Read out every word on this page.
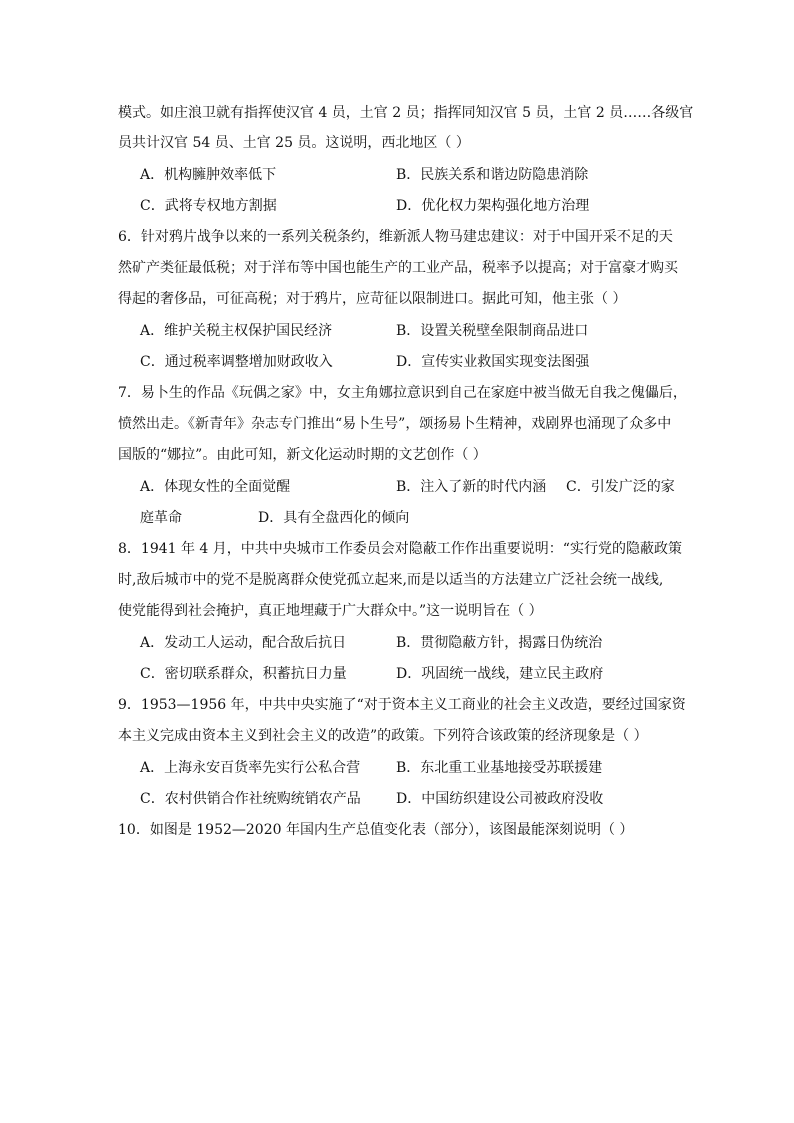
模式。如庄浪卫就有指挥使汉官 4 员，土官 2 员；指挥同知汉官 5 员，土官 2 员……各级官
员共计汉官 54 员、土官 25 员。这说明，西北地区（ ）
A．机构臃肿效率低下	B．民族关系和谐边防隐患消除
C．武将专权地方割据	D．优化权力架构强化地方治理
6．针对鸦片战争以来的一系列关税条约，维新派人物马建忠建议：对于中国开采不足的天
然矿产类征最低税；对于洋布等中国也能生产的工业产品，税率予以提高；对于富豪才购买
得起的奢侈品，可征高税；对于鸦片，应苛征以限制进口。据此可知，他主张（ ）
A．维护关税主权保护国民经济	B．设置关税壁垒限制商品进口
C．通过税率调整增加财政收入	D．宣传实业救国实现变法图强
7．易卜生的作品《玩偶之家》中，女主角娜拉意识到自己在家庭中被当做无自我之傀儡后，
愤然出走。《新青年》杂志专门推出“易卜生号”，颂扬易卜生精神，戏剧界也涌现了众多中
国版的“娜拉”。由此可知，新文化运动时期的文艺创作（ ）
A．体现女性的全面觉醒	B．注入了新的时代内涵 C．引发广泛的家
庭革命	D．具有全盘西化的倾向
8．1941 年 4 月，中共中央城市工作委员会对隐蔽工作作出重要说明：“实行党的隐蔽政策
时,敌后城市中的党不是脱离群众使党孤立起来,而是以适当的方法建立广泛社会统一战线,
使党能得到社会掩护，真正地埋藏于广大群众中。”这一说明旨在（ ）
A．发动工人运动，配合敌后抗日	B．贯彻隐蔽方针，揭露日伪统治
C．密切联系群众，积蓄抗日力量	D．巩固统一战线，建立民主政府
9．1953—1956 年，中共中央实施了“对于资本主义工商业的社会主义改造，要经过国家资
本主义完成由资本主义到社会主义的改造”的政策。下列符合该政策的经济现象是（ ）
A．上海永安百货率先实行公私合营	B．东北重工业基地接受苏联援建
C．农村供销合作社统购统销农产品	D．中国纺织建设公司被政府没收
10．如图是 1952—2020 年国内生产总值变化表（部分），该图最能深刻说明（ ）
